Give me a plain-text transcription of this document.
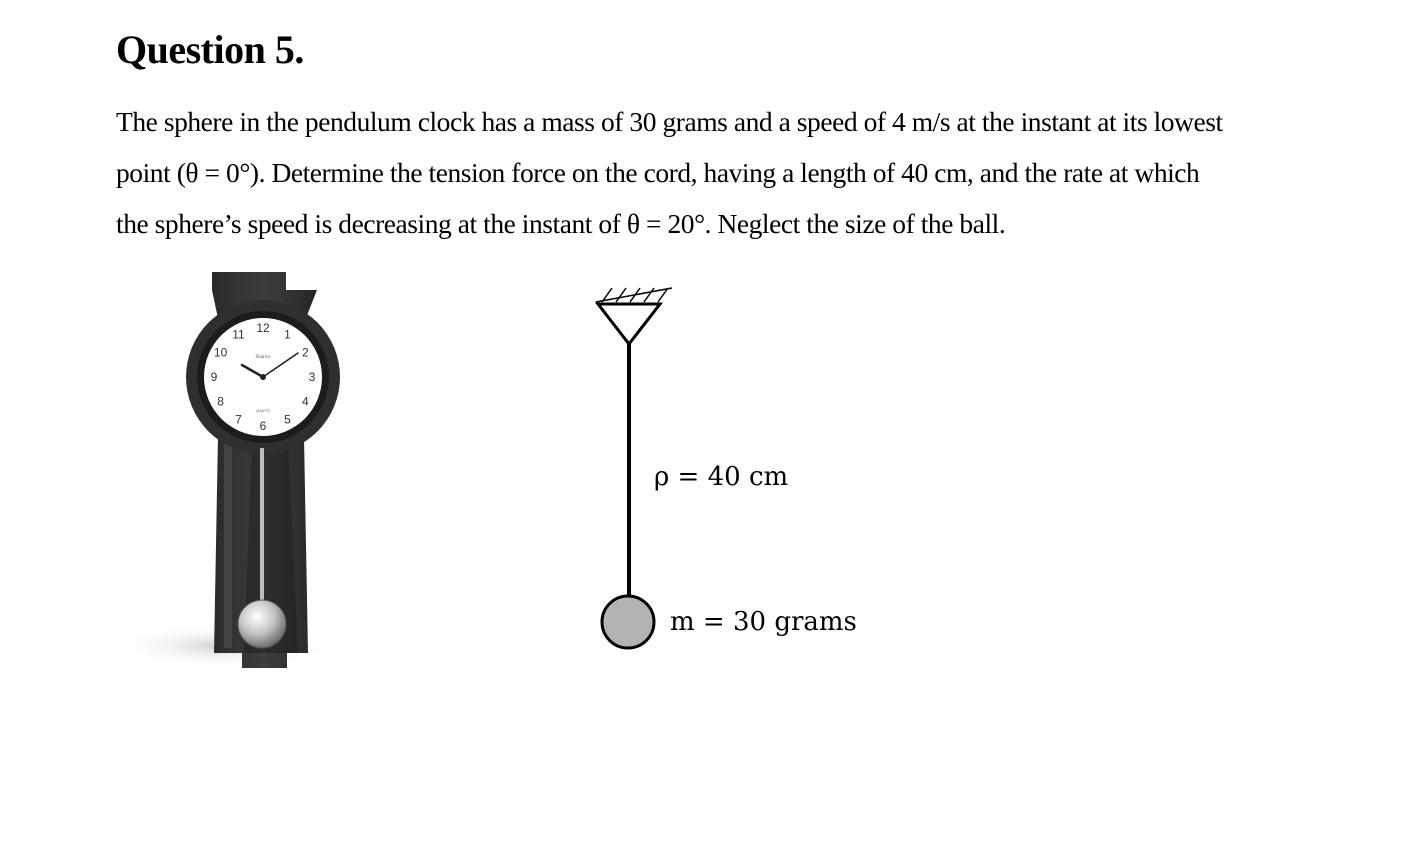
Question 5.

The sphere in the pendulum clock has a mass of 30 grams and a speed of 4 m/s at the instant at its lowest
point (θ = 0°). Determine the tension force on the cord, having a length of 40 cm, and the rate at which
the sphere’s speed is decreasing at the instant of θ = 20°. Neglect the size of the ball.

12 1
2
3
4
5
6
7
8
9
10
11
Sharivs
QUARTZ
ρ = 40 cm
m = 30 grams
